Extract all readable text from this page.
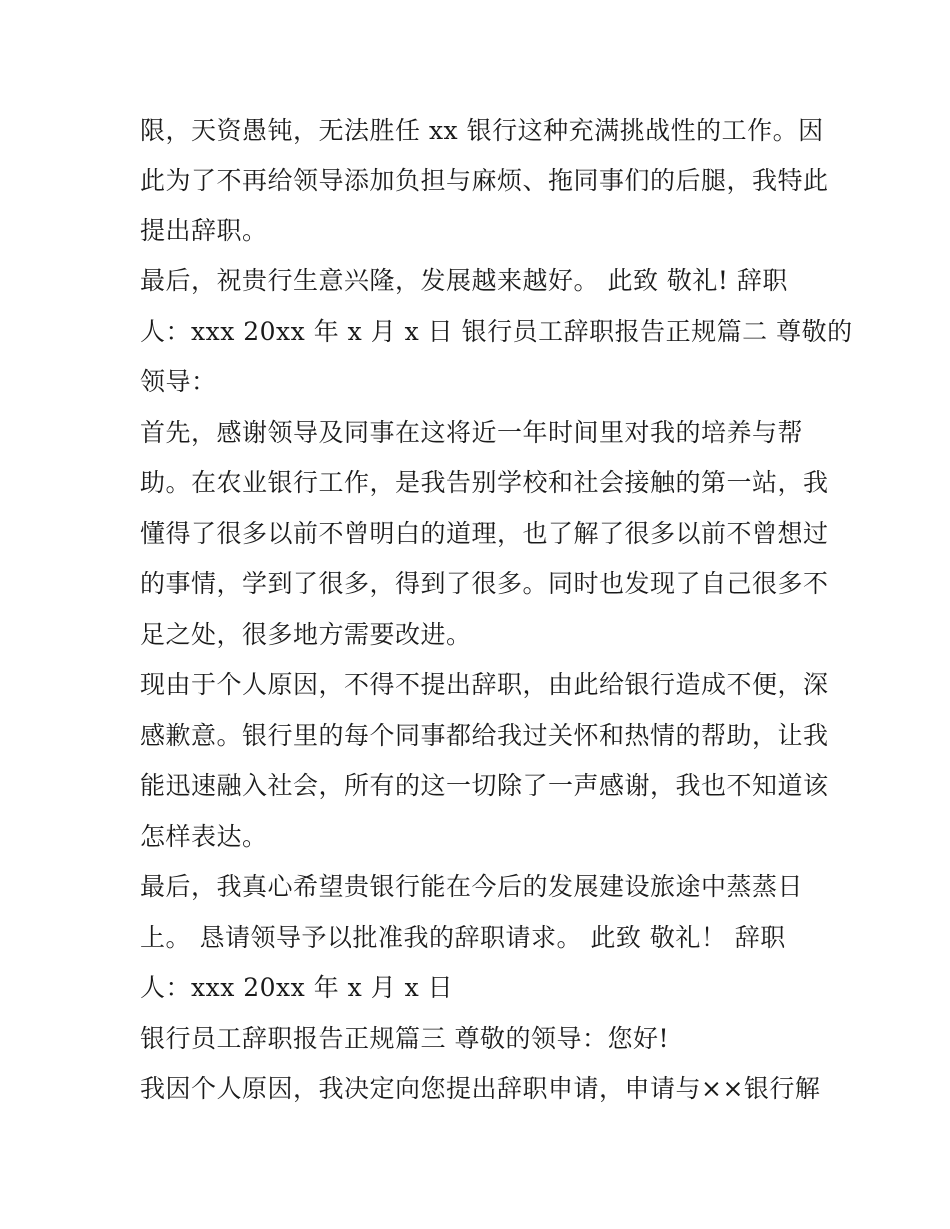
限，天资愚钝，无法胜任 xx 银行这种充满挑战性的工作。因
此为了不再给领导添加负担与麻烦、拖同事们的后腿，我特此
提出辞职。
最后，祝贵行生意兴隆，发展越来越好。 此致 敬礼! 辞职
人：xxx 20xx 年 x 月 x 日 银行员工辞职报告正规篇二 尊敬的
领导：
首先，感谢领导及同事在这将近一年时间里对我的培养与帮
助。在农业银行工作，是我告别学校和社会接触的第一站，我
懂得了很多以前不曾明白的道理，也了解了很多以前不曾想过
的事情，学到了很多，得到了很多。同时也发现了自己很多不
足之处，很多地方需要改进。
现由于个人原因，不得不提出辞职，由此给银行造成不便，深
感歉意。银行里的每个同事都给我过关怀和热情的帮助，让我
能迅速融入社会，所有的这一切除了一声感谢，我也不知道该
怎样表达。
最后，我真心希望贵银行能在今后的发展建设旅途中蒸蒸日
上。 恳请领导予以批准我的辞职请求。 此致 敬礼！ 辞职
人：xxx 20xx 年 x 月 x 日
银行员工辞职报告正规篇三 尊敬的领导：您好!
我因个人原因，我决定向您提出辞职申请，申请与××银行解
